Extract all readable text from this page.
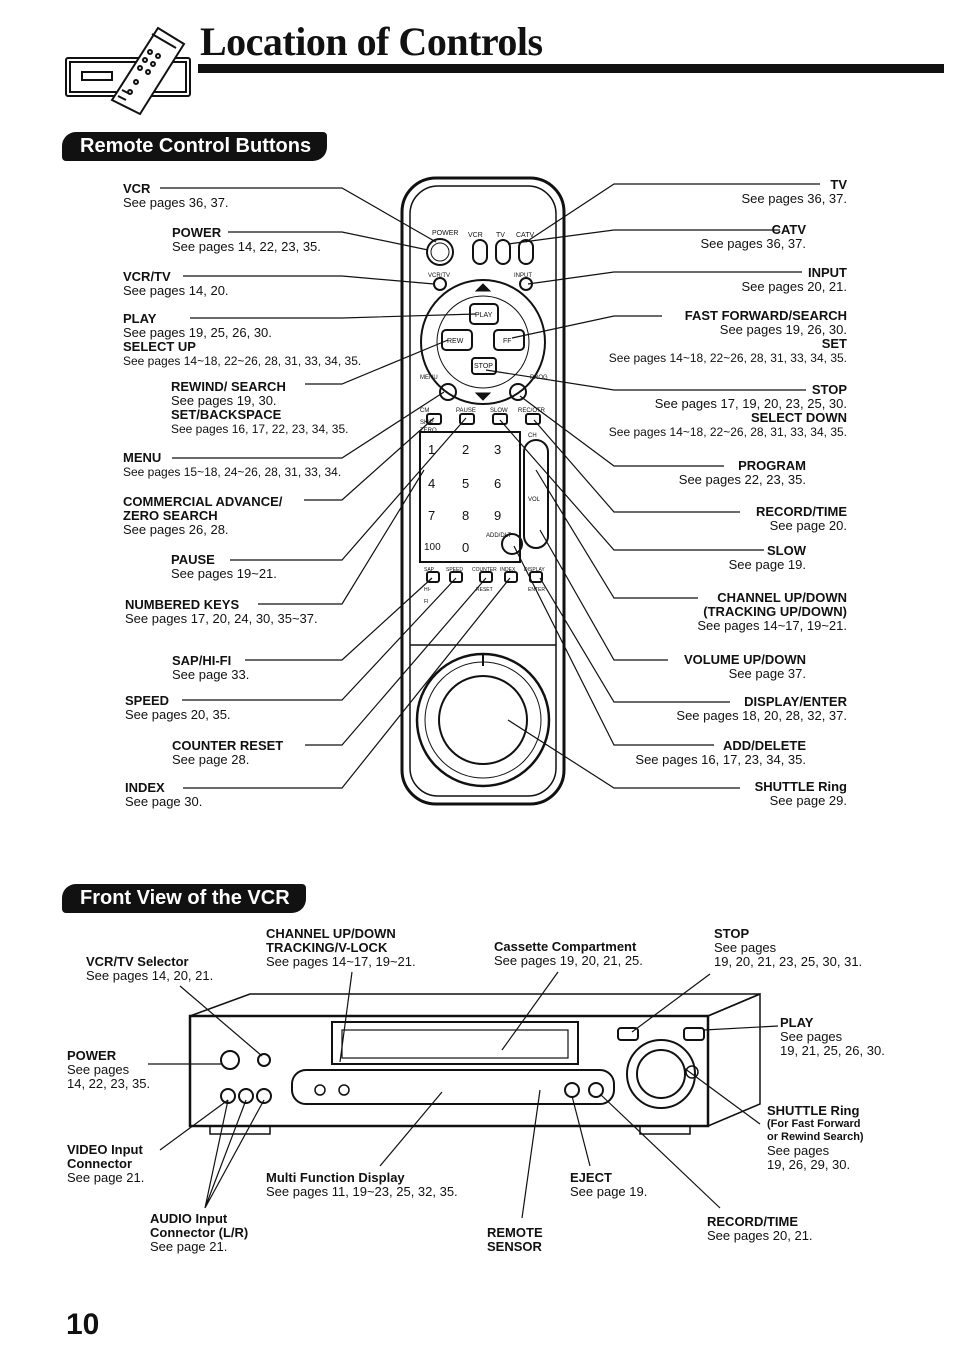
Location of Controls
Remote Control Buttons
Front View of the VCR
POWER VCR TV CATV
VCR/TV	INPUT
PLAY
REW	FF
STOP
MENU	PROG
CM SKIP
PAUSE SLOW REC/OTR
ZERO
CH
VOL
ADD/DLT
1 2 3
4 5 6
7 8 9
100 0
SAP SPEED COUNTER INDEX DISPLAY
HI-FI
RESET	ENTER
VCR
See pages 36, 37.
POWER
See pages 14, 22, 23, 35.
VCR/TV
See pages 14, 20.
PLAY
See pages 19, 25, 26, 30.
SELECT UP
See pages 14~18, 22~26, 28, 31, 33, 34, 35.
REWIND/ SEARCH
See pages 19, 30.
SET/BACKSPACE
See pages 16, 17, 22, 23, 34, 35.
MENU
See pages 15~18, 24~26, 28, 31, 33, 34.
COMMERCIAL ADVANCE/
ZERO SEARCH
See pages 26, 28.
PAUSE
See pages 19~21.
NUMBERED KEYS
See pages 17, 20, 24, 30, 35~37.
SAP/HI-FI
See page 33.
SPEED
See pages 20, 35.
COUNTER RESET
See page 28.
INDEX
See page 30.
TV
See pages 36, 37.
CATV
See pages 36, 37.
INPUT
See pages 20, 21.
FAST FORWARD/SEARCH
See pages 19, 26, 30.
SET
See pages 14~18, 22~26, 28, 31, 33, 34, 35.
STOP
See pages 17, 19, 20, 23, 25, 30.
SELECT DOWN
See pages 14~18, 22~26, 28, 31, 33, 34, 35.
PROGRAM
See pages 22, 23, 35.
RECORD/TIME
See page 20.
SLOW
See page 19.
CHANNEL UP/DOWN
(TRACKING UP/DOWN)
See pages 14~17, 19~21.
VOLUME UP/DOWN
See page 37.
DISPLAY/ENTER
See pages 18, 20, 28, 32, 37.
ADD/DELETE
See pages 16, 17, 23, 34, 35.
SHUTTLE Ring
See page 29.
VCR/TV Selector
See pages 14, 20, 21.
CHANNEL UP/DOWN
TRACKING/V-LOCK
See pages 14~17, 19~21.
Cassette Compartment
See pages 19, 20, 21, 25.
STOP
See pages
19, 20, 21, 23, 25, 30, 31.
POWER
See pages
14, 22, 23, 35.
PLAY
See pages
19, 21, 25, 26, 30.
SHUTTLE Ring
(For Fast Forward
or Rewind Search)
See pages
19, 26, 29, 30.
VIDEO Input
Connector
See page 21.	Multi Function Display
See pages 11, 19~23, 25, 32, 35.
EJECT
See page 19.
AUDIO Input
Connector (L/R)
See page 21.
REMOTE
SENSOR
RECORD/TIME
See pages 20, 21.
10
